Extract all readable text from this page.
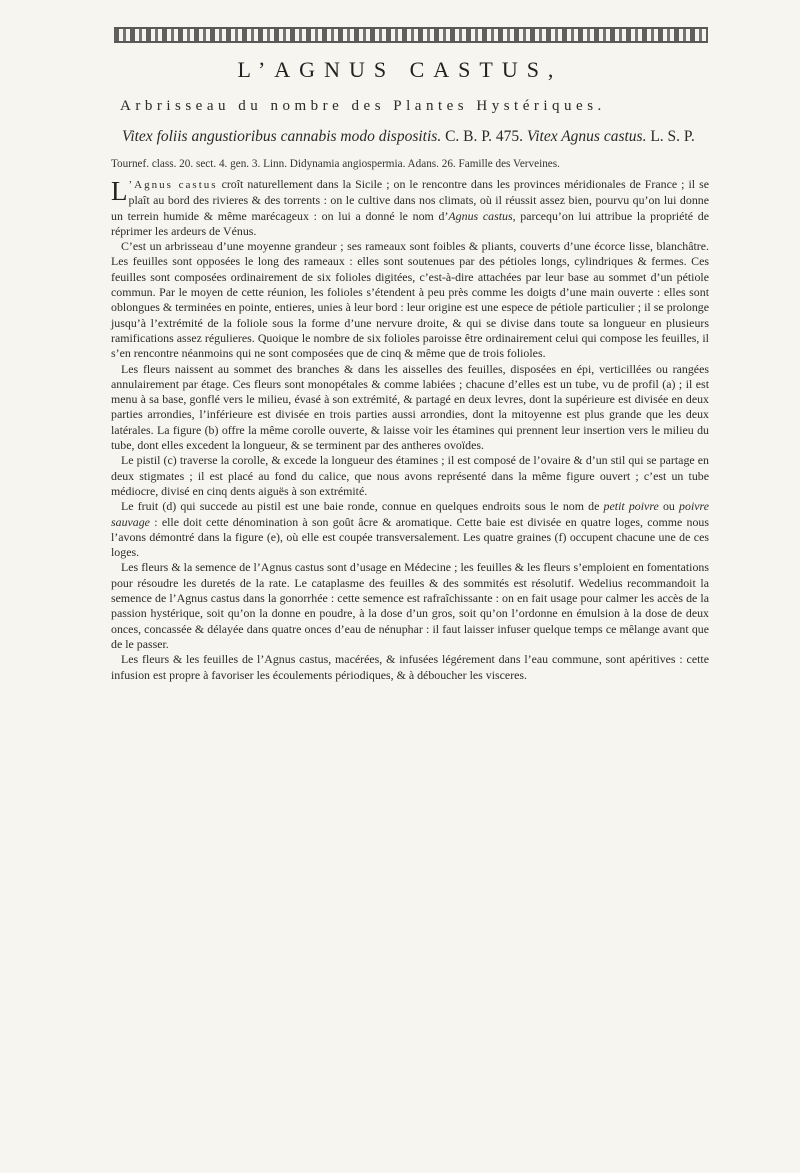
L’AGNUS CASTUS,
Arbrisseau du nombre des Plantes Hystériques.
Vitex foliis angustioribus cannabis modo dispositis. C. B. P. 475. Vitex Agnus castus. L. S. P.
Tournef. class. 20. sect. 4. gen. 3. Linn. Didynamia angiospermia. Adans. 26. Famille des Verveines.

L ’Agnus castus croît naturellement dans la Sicile ; on le rencontre dans les provinces méridionales de France ; il se plaît au bord des rivieres & des torrents : on le cultive dans nos climats, où il réussit assez bien, pourvu qu’on lui donne un terrein humide & même marécageux : on lui a donné le nom d’Agnus castus, parcequ’on lui attribue la propriété de réprimer les ardeurs de Vénus.

C’est un arbrisseau d’une moyenne grandeur ; ses rameaux sont foibles & pliants, couverts d’une écorce lisse, blanchâtre. Les feuilles sont opposées le long des rameaux : elles sont soutenues par des pétioles longs, cylindriques & fermes. Ces feuilles sont composées ordinairement de six folioles digitées, c’est-à-dire attachées par leur base au sommet d’un pétiole commun. Par le moyen de cette réunion, les folioles s’étendent à peu près comme les doigts d’une main ouverte : elles sont oblongues & terminées en pointe, entieres, unies à leur bord : leur origine est une espece de pétiole particulier ; il se prolonge jusqu’à l’extrémité de la foliole sous la forme d’une nervure droite, & qui se divise dans toute sa longueur en plusieurs ramifications assez régulieres. Quoique le nombre de six folioles paroisse être ordinairement celui qui compose les feuilles, il s’en rencontre néanmoins qui ne sont composées que de cinq & même que de trois folioles.

Les fleurs naissent au sommet des branches & dans les aisselles des feuilles, disposées en épi, verticillées ou rangées annulairement par étage. Ces fleurs sont monopétales & comme labiées ; chacune d’elles est un tube, vu de profil (a) ; il est menu à sa base, gonflé vers le milieu, évasé à son extrémité, & partagé en deux levres, dont la supérieure est divisée en deux parties arrondies, l’inférieure est divisée en trois parties aussi arrondies, dont la mitoyenne est plus grande que les deux latérales. La figure (b) offre la même corolle ouverte, & laisse voir les étamines qui prennent leur insertion vers le milieu du tube, dont elles excedent la longueur, & se terminent par des antheres ovoïdes.

Le pistil (c) traverse la corolle, & excede la longueur des étamines ; il est composé de l’ovaire & d’un stil qui se partage en deux stigmates ; il est placé au fond du calice, que nous avons représenté dans la même figure ouvert ; c’est un tube médiocre, divisé en cinq dents aiguës à son extrémité.

Le fruit (d) qui succede au pistil est une baie ronde, connue en quelques endroits sous le nom de petit poivre ou poivre sauvage : elle doit cette dénomination à son goût âcre & aromatique. Cette baie est divisée en quatre loges, comme nous l’avons démontré dans la figure (e), où elle est coupée transversalement. Les quatre graines (f) occupent chacune une de ces loges.

Les fleurs & la semence de l’Agnus castus sont d’usage en Médecine ; les feuilles & les fleurs s’emploient en fomentations pour résoudre les duretés de la rate. Le cataplasme des feuilles & des sommités est résolutif. Wedelius recommandoit la semence de l’Agnus castus dans la gonorrhée : cette semence est rafraîchissante : on en fait usage pour calmer les accès de la passion hystérique, soit qu’on la donne en poudre, à la dose d’un gros, soit qu’on l’ordonne en émulsion à la dose de deux onces, concassée & délayée dans quatre onces d’eau de nénuphar : il faut laisser infuser quelque temps ce mêlange avant que de le passer.

Les fleurs & les feuilles de l’Agnus castus, macérées, & infusées légérement dans l’eau commune, sont apéritives : cette infusion est propre à favoriser les écoulements périodiques, & à déboucher les visceres.
